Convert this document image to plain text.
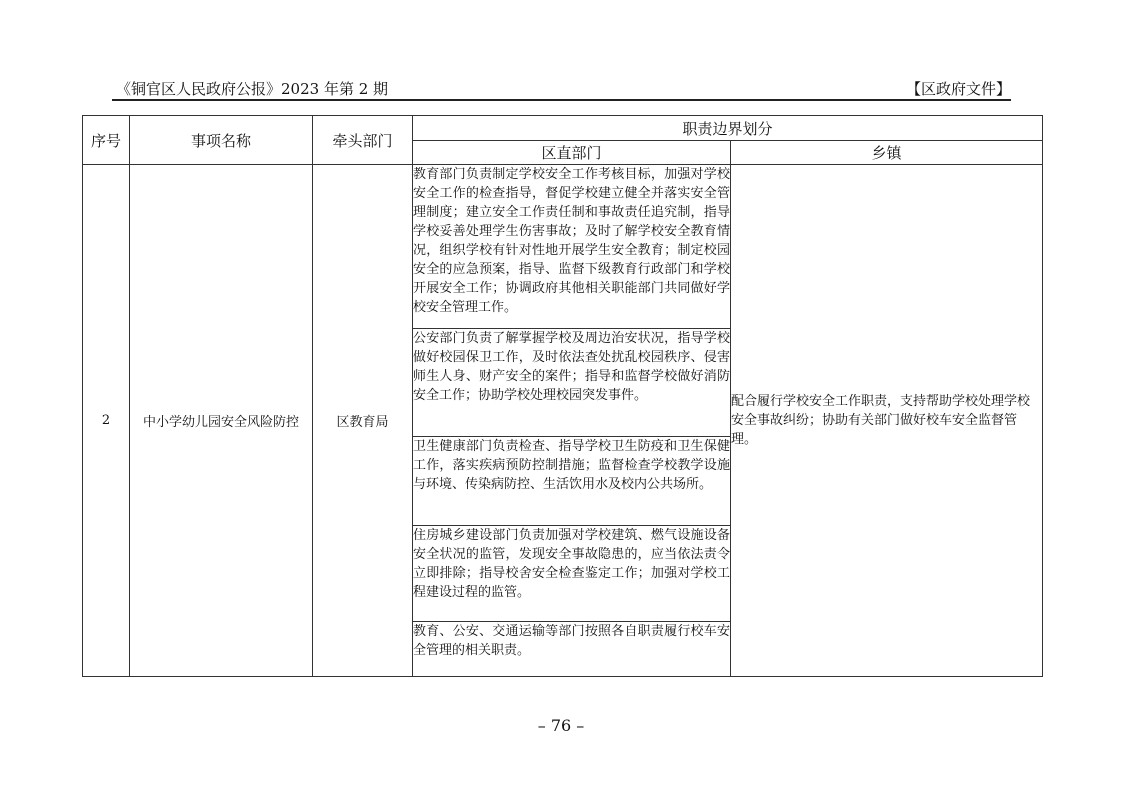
《铜官区人民政府公报》2023 年第 2 期	【区政府文件】
序号	事项名称	牵头部门	职责边界划分	
			区直部门	乡镇
2	中小学幼儿园安全风险防控	区教育局	教育部门负责制定学校安全工作考核目标，加强对学校安全工作的检查指导，督促学校建立健全并落实安全管理制度；建立安全工作责任制和事故责任追究制，指导学校妥善处理学生伤害事故；及时了解学校安全教育情况，组织学校有针对性地开展学生安全教育；制定校园安全的应急预案，指导、监督下级教育行政部门和学校开展安全工作；协调政府其他相关职能部门共同做好学校安全管理工作。	配合履行学校安全工作职责，支持帮助学校处理学校安全事故纠纷；协助有关部门做好校车安全监督管理。
			公安部门负责了解掌握学校及周边治安状况，指导学校做好校园保卫工作，及时依法查处扰乱校园秩序、侵害师生人身、财产安全的案件；指导和监督学校做好消防安全工作；协助学校处理校园突发事件。	
			卫生健康部门负责检查、指导学校卫生防疫和卫生保健工作，落实疾病预防控制措施；监督检查学校教学设施与环境、传染病防控、生活饮用水及校内公共场所。	
			住房城乡建设部门负责加强对学校建筑、燃气设施设备安全状况的监管，发现安全事故隐患的，应当依法责令立即排除；指导校舍安全检查鉴定工作；加强对学校工程建设过程的监管。	
			教育、公安、交通运输等部门按照各自职责履行校车安全管理的相关职责。	
– 76 –
